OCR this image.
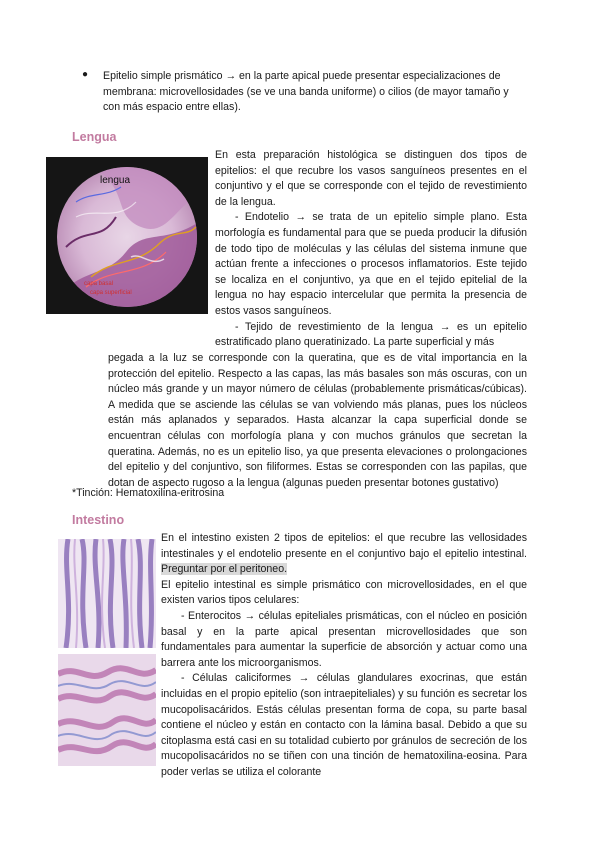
● Epitelio simple prismático → en la parte apical puede presentar especializaciones de membrana: microvellosidades (se ve una banda uniforme) o cilios (de mayor tamaño y con más espacio entre ellas).

Lengua
lengua
capa basal
capa superficial

En esta preparación histológica se distinguen dos tipos de epitelios: el que recubre los vasos sanguíneos presentes en el conjuntivo y el que se corresponde con el tejido de revestimiento de la lengua.

- Endotelio → se trata de un epitelio simple plano. Esta morfología es fundamental para que se pueda producir la difusión de todo tipo de moléculas y las células del sistema inmune que actúan frente a infecciones o procesos inflamatorios. Este tejido se localiza en el conjuntivo, ya que en el tejido epitelial de la lengua no hay espacio intercelular que permita la presencia de estos vasos sanguíneos.

- Tejido de revestimiento de la lengua → es un epitelio estratificado plano queratinizado. La parte superficial y más

pegada a la luz se corresponde con la queratina, que es de vital importancia en la protección del epitelio. Respecto a las capas, las más basales son más oscuras, con un núcleo más grande y un mayor número de células (probablemente prismáticas/cúbicas). A medida que se asciende las células se van volviendo más planas, pues los núcleos están más aplanados y separados. Hasta alcanzar la capa superficial donde se encuentran células con morfología plana y con muchos gránulos que secretan la queratina. Además, no es un epitelio liso, ya que presenta elevaciones o prolongaciones del epitelio y del conjuntivo, son filiformes. Estas se corresponden con las papilas, que dotan de aspecto rugoso a la lengua (algunas pueden presentar botones gustativo)

*Tinción: Hematoxilina-eritrosina

Intestino

En el intestino existen 2 tipos de epitelios: el que recubre las vellosidades intestinales y el endotelio presente en el conjuntivo bajo el epitelio intestinal. Preguntar por el peritoneo.

El epitelio intestinal es simple prismático con microvellosidades, en el que existen varios tipos celulares:

- Enterocitos → células epiteliales prismáticas, con el núcleo en posición basal y en la parte apical presentan microvellosidades que son fundamentales para aumentar la superficie de absorción y actuar como una barrera ante los microorganismos.

- Células caliciformes → células glandulares exocrinas, que están incluidas en el propio epitelio (son intraepiteliales) y su función es secretar los mucopolisacáridos. Estás células presentan forma de copa, su parte basal contiene el núcleo y están en contacto con la lámina basal. Debido a que su citoplasma está casi en su totalidad cubierto por gránulos de secreción de los mucopolisacáridos no se tiñen con una tinción de hematoxilina-eosina. Para poder verlas se utiliza el colorante
